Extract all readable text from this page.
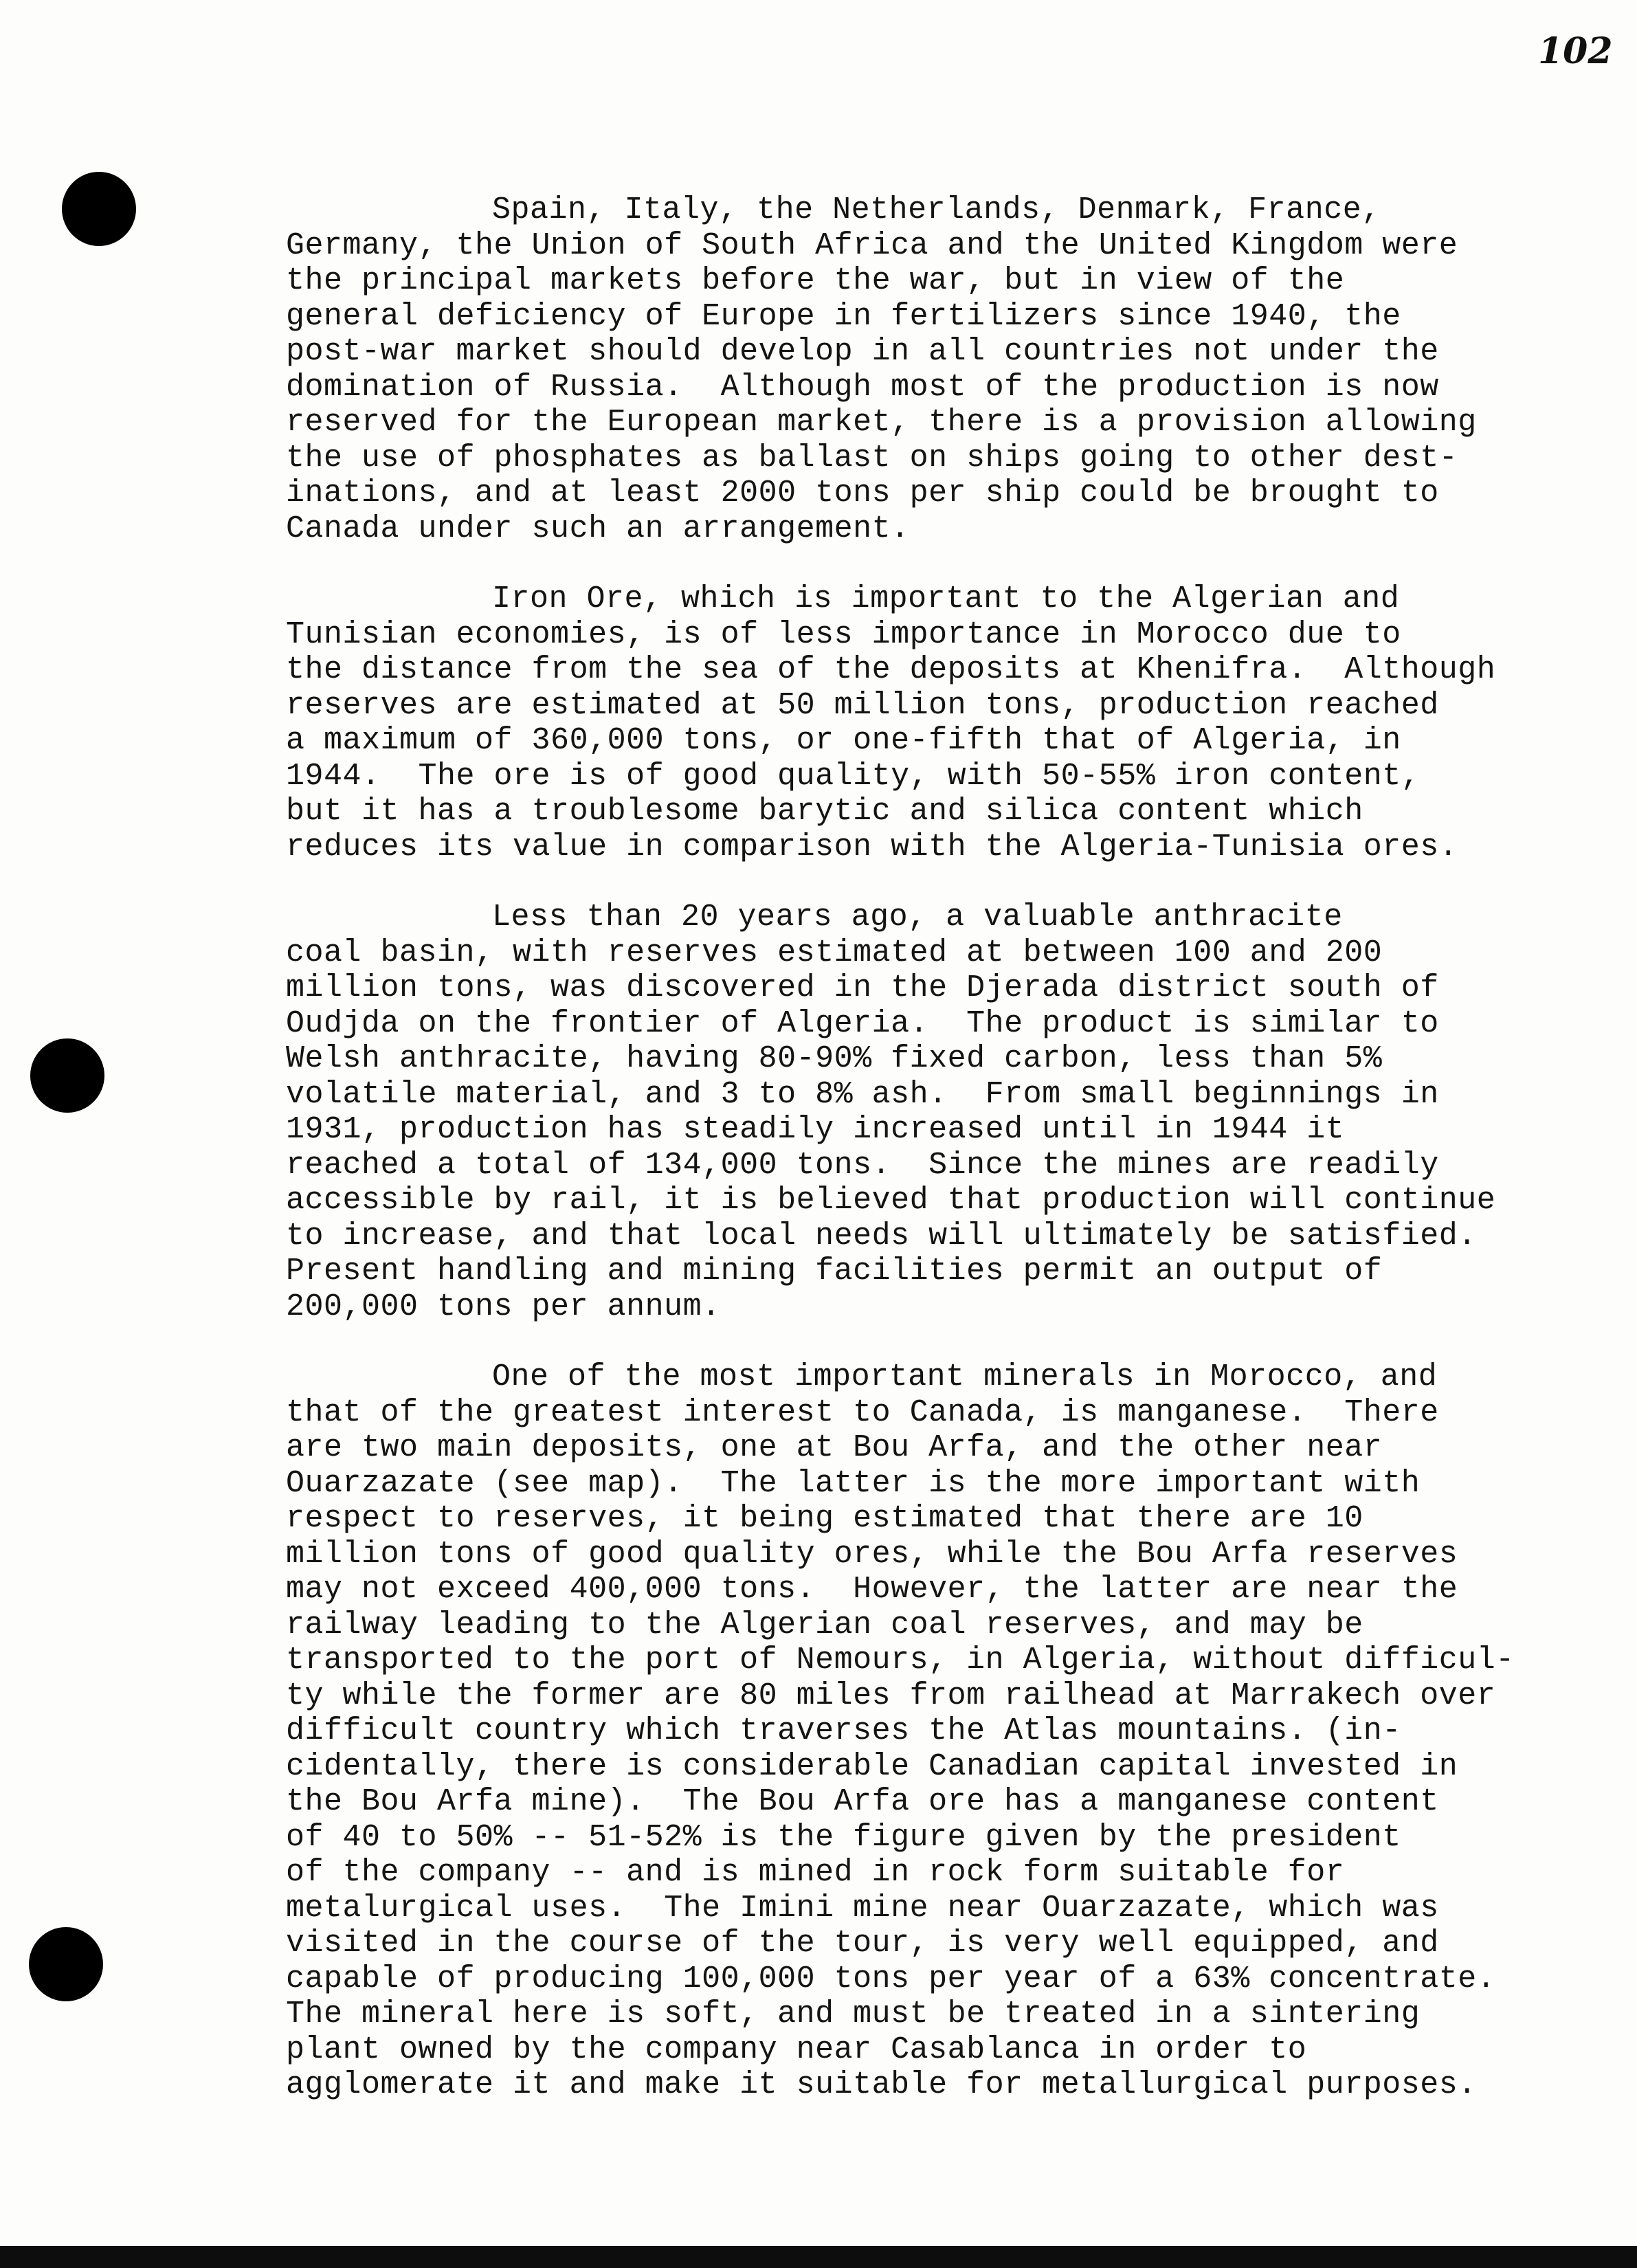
102
Spain, Italy, the Netherlands, Denmark, France,
Germany, the Union of South Africa and the United Kingdom were
the principal markets before the war, but in view of the
general deficiency of Europe in fertilizers since 1940, the
post-war market should develop in all countries not under the
domination of Russia.  Although most of the production is now
reserved for the European market, there is a provision allowing
the use of phosphates as ballast on ships going to other dest-
inations, and at least 2000 tons per ship could be brought to
Canada under such an arrangement.
Iron Ore, which is important to the Algerian and
Tunisian economies, is of less importance in Morocco due to
the distance from the sea of the deposits at Khenifra.  Although
reserves are estimated at 50 million tons, production reached
a maximum of 360,000 tons, or one-fifth that of Algeria, in
1944.  The ore is of good quality, with 50-55% iron content,
but it has a troublesome barytic and silica content which
reduces its value in comparison with the Algeria-Tunisia ores.
Less than 20 years ago, a valuable anthracite
coal basin, with reserves estimated at between 100 and 200
million tons, was discovered in the Djerada district south of
Oudjda on the frontier of Algeria.  The product is similar to
Welsh anthracite, having 80-90% fixed carbon, less than 5%
volatile material, and 3 to 8% ash.  From small beginnings in
1931, production has steadily increased until in 1944 it
reached a total of 134,000 tons.  Since the mines are readily
accessible by rail, it is believed that production will continue
to increase, and that local needs will ultimately be satisfied.
Present handling and mining facilities permit an output of
200,000 tons per annum.
One of the most important minerals in Morocco, and
that of the greatest interest to Canada, is manganese.  There
are two main deposits, one at Bou Arfa, and the other near
Ouarzazate (see map).  The latter is the more important with
respect to reserves, it being estimated that there are 10
million tons of good quality ores, while the Bou Arfa reserves
may not exceed 400,000 tons.  However, the latter are near the
railway leading to the Algerian coal reserves, and may be
transported to the port of Nemours, in Algeria, without difficul-
ty while the former are 80 miles from railhead at Marrakech over
difficult country which traverses the Atlas mountains. (in-
cidentally, there is considerable Canadian capital invested in
the Bou Arfa mine).  The Bou Arfa ore has a manganese content
of 40 to 50% -- 51-52% is the figure given by the president
of the company -- and is mined in rock form suitable for
metalurgical uses.  The Imini mine near Ouarzazate, which was
visited in the course of the tour, is very well equipped, and
capable of producing 100,000 tons per year of a 63% concentrate.
The mineral here is soft, and must be treated in a sintering
plant owned by the company near Casablanca in order to
agglomerate it and make it suitable for metallurgical purposes.
